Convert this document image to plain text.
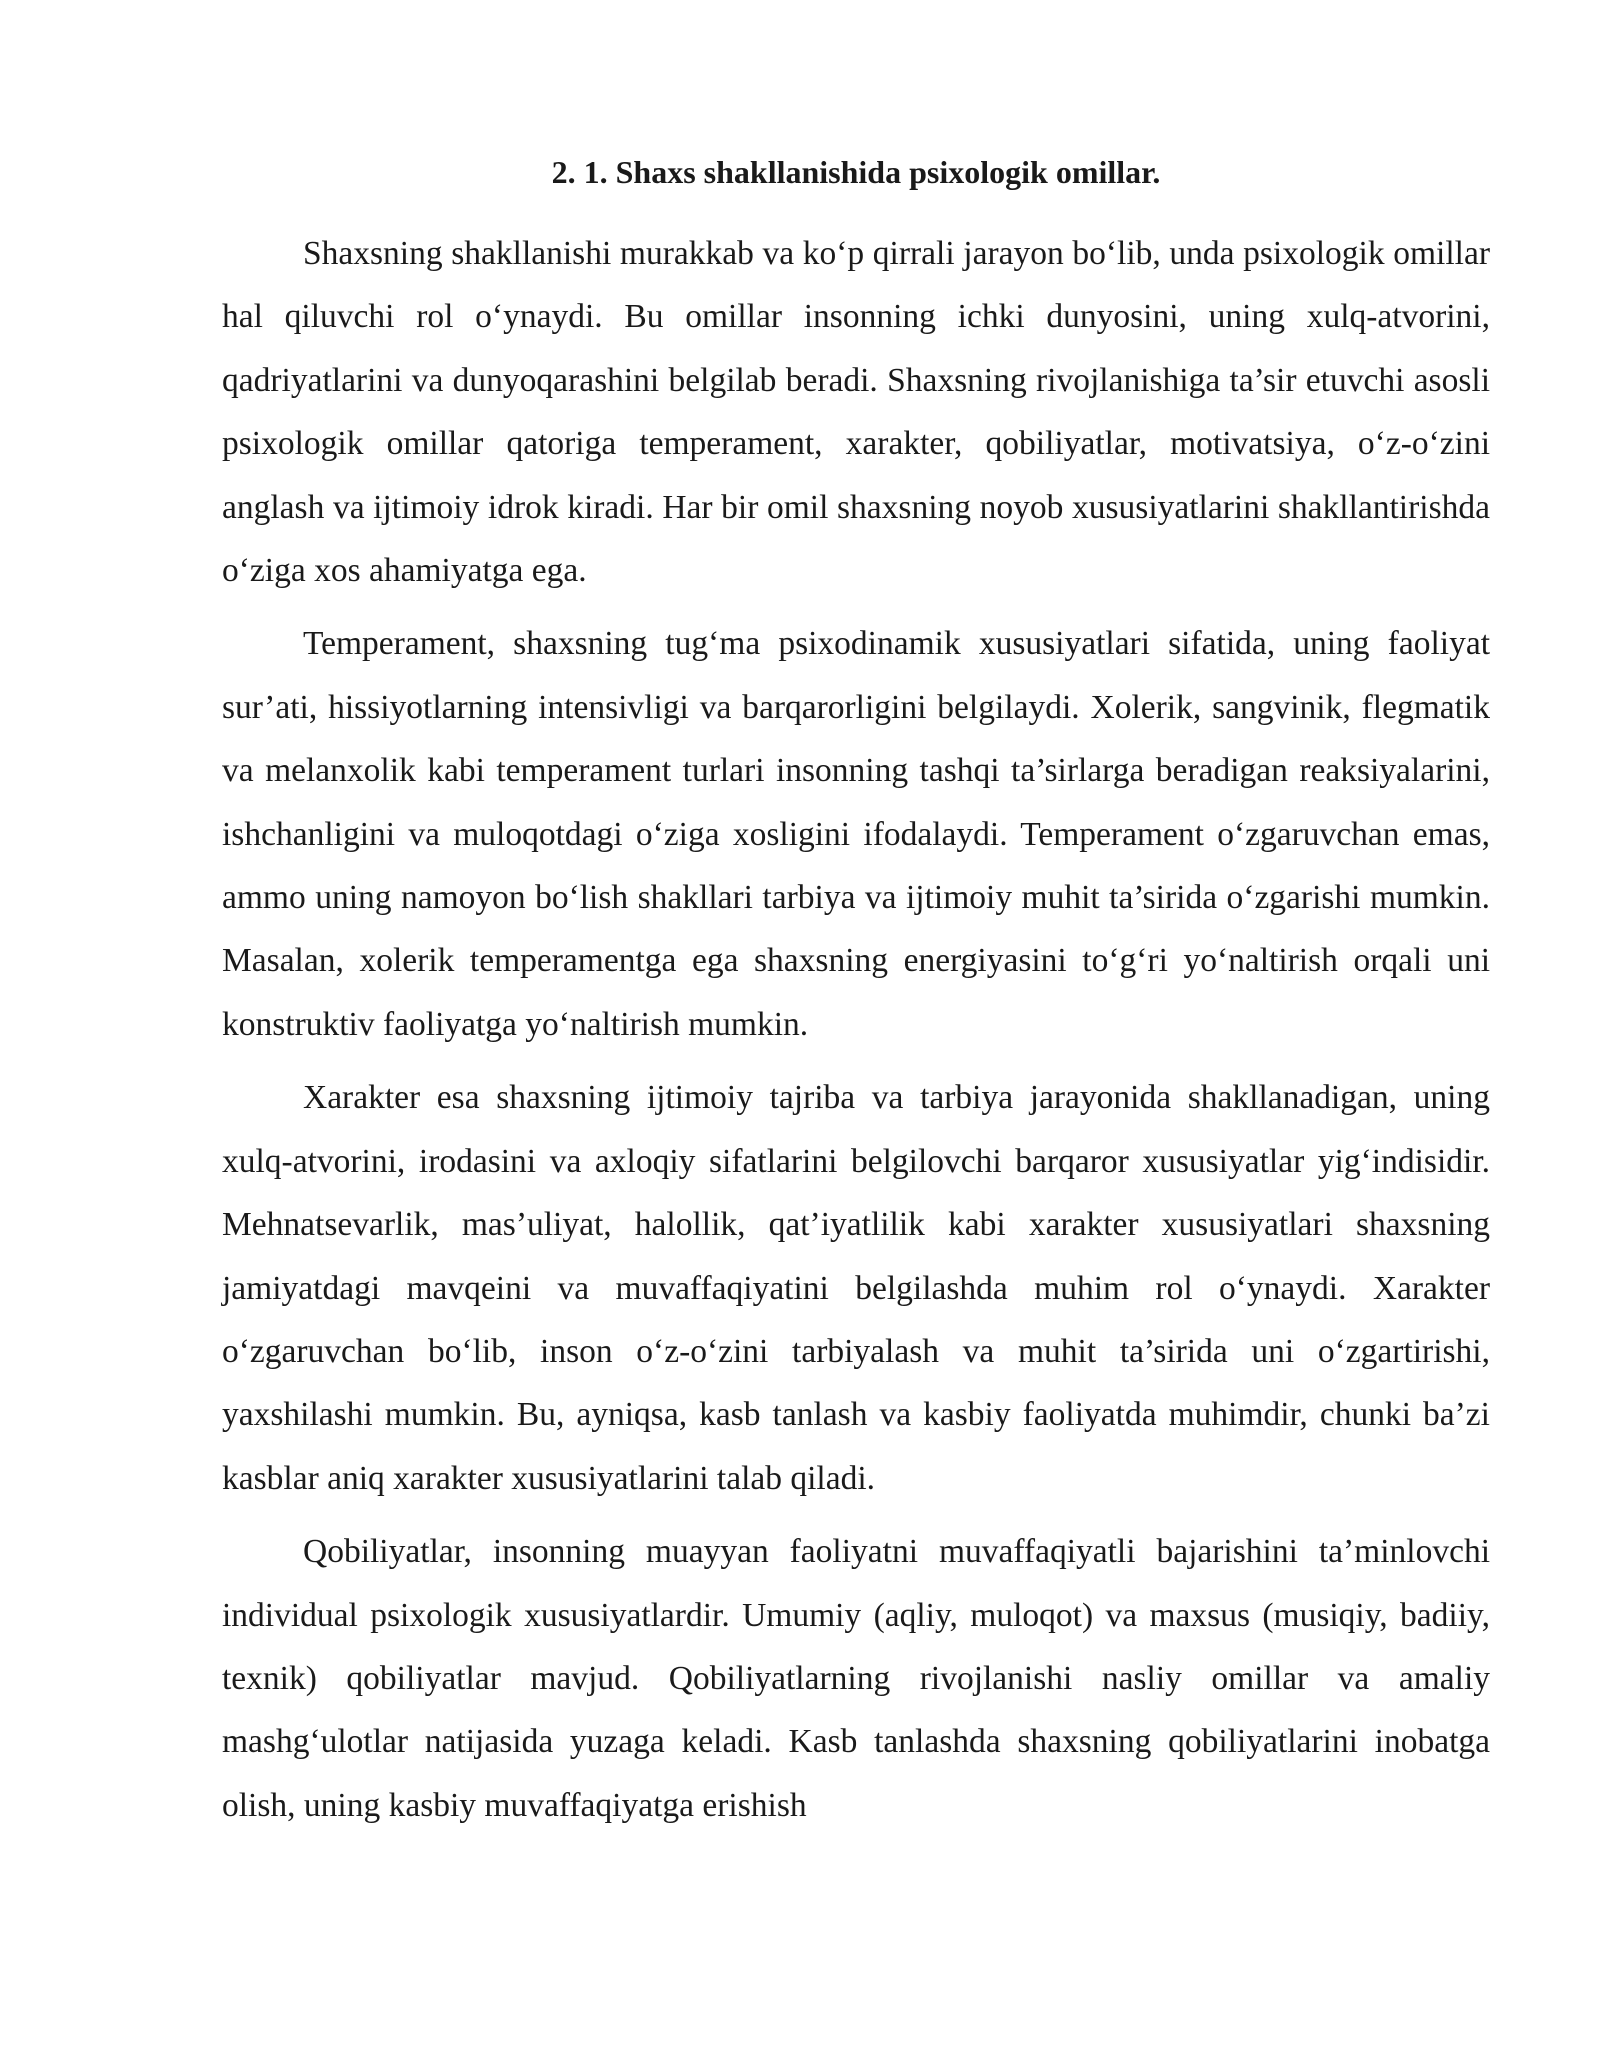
2. 1. Shaxs shakllanishida psixologik omillar.

Shaxsning shakllanishi murakkab va ko‘p qirrali jarayon bo‘lib, unda psixologik omillar hal qiluvchi rol o‘ynaydi. Bu omillar insonning ichki dunyosini, uning xulq-atvorini, qadriyatlarini va dunyoqarashini belgilab beradi. Shaxsning rivojlanishiga ta’sir etuvchi asosli psixologik omillar qatoriga temperament, xarakter, qobiliyatlar, motivatsiya, o‘z-o‘zini anglash va ijtimoiy idrok kiradi. Har bir omil shaxsning noyob xususiyatlarini shakllantirishda o‘ziga xos ahamiyatga ega.

Temperament, shaxsning tug‘ma psixodinamik xususiyatlari sifatida, uning faoliyat sur’ati, hissiyotlarning intensivligi va barqarorligini belgilaydi. Xolerik, sangvinik, flegmatik va melanxolik kabi temperament turlari insonning tashqi ta’sirlarga beradigan reaksiyalarini, ishchanligini va muloqotdagi o‘ziga xosligini ifodalaydi. Temperament o‘zgaruvchan emas, ammo uning namoyon bo‘lish shakllari tarbiya va ijtimoiy muhit ta’sirida o‘zgarishi mumkin. Masalan, xolerik temperamentga ega shaxsning energiyasini to‘g‘ri yo‘naltirish orqali uni konstruktiv faoliyatga yo‘naltirish mumkin.

Xarakter esa shaxsning ijtimoiy tajriba va tarbiya jarayonida shakllanadigan, uning xulq-atvorini, irodasini va axloqiy sifatlarini belgilovchi barqaror xususiyatlar yig‘indisidir. Mehnatsevarlik, mas’uliyat, halollik, qat’iyatlilik kabi xarakter xususiyatlari shaxsning jamiyatdagi mavqeini va muvaffaqiyatini belgilashda muhim rol o‘ynaydi. Xarakter o‘zgaruvchan bo‘lib, inson o‘z-o‘zini tarbiyalash va muhit ta’sirida uni o‘zgartirishi, yaxshilashi mumkin. Bu, ayniqsa, kasb tanlash va kasbiy faoliyatda muhimdir, chunki ba’zi kasblar aniq xarakter xususiyatlarini talab qiladi.

Qobiliyatlar, insonning muayyan faoliyatni muvaffaqiyatli bajarishini ta’minlovchi individual psixologik xususiyatlardir. Umumiy (aqliy, muloqot) va maxsus (musiqiy, badiiy, texnik) qobiliyatlar mavjud. Qobiliyatlarning rivojlanishi nasliy omillar va amaliy mashg‘ulotlar natijasida yuzaga keladi. Kasb tanlashda shaxsning qobiliyatlarini inobatga olish, uning kasbiy muvaffaqiyatga erishish
